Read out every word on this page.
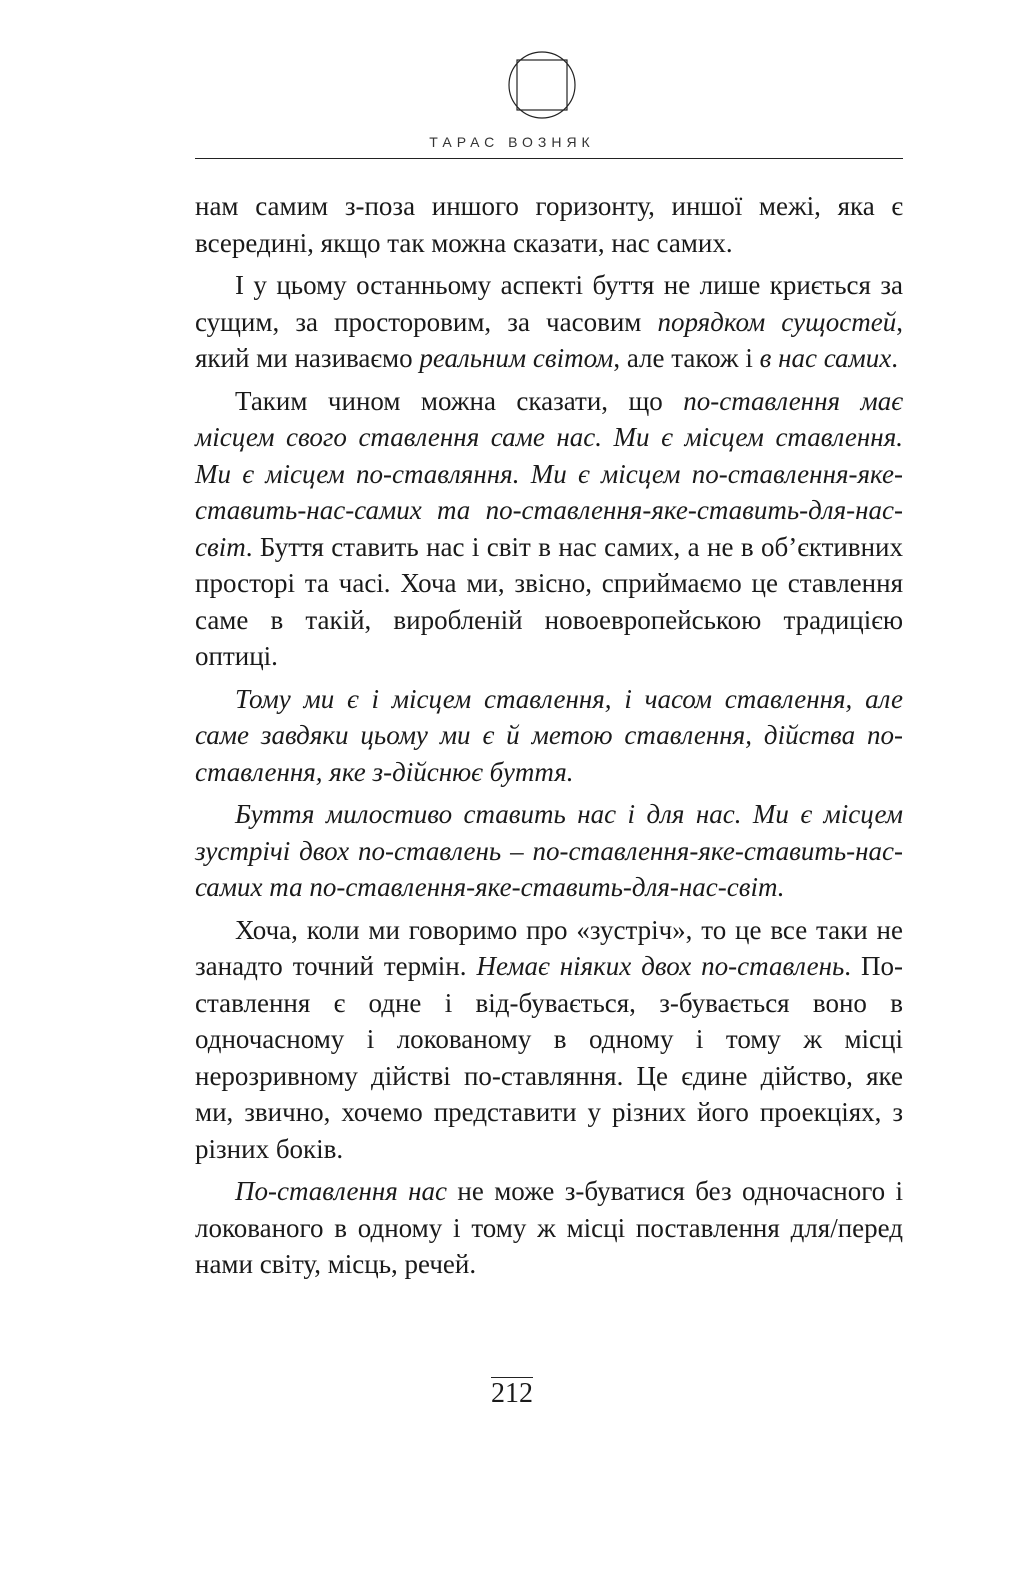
ТАРАС ВОЗНЯК

нам самим з-поза иншого горизонту, иншої межі, яка є всередині, якщо так можна сказати, нас самих.

І у цьому останньому аспекті буття не лише криється за сущим, за просторовим, за часовим порядком сущостей, який ми називаємо реальним світом, але також і в нас самих.

Таким чином можна сказати, що по-ставлення має місцем свого ставлення саме нас. Ми є місцем ставлення. Ми є місцем по-ставляння. Ми є місцем по-ставлення-яке-ставить-нас-самих та по-ставлення-яке-ставить-для-нас-світ. Буття ставить нас і світ в нас самих, а не в об’єктивних просторі та часі. Хоча ми, звісно, сприймаємо це ставлення саме в такій, виробленій новоевропейською традицією оптиці.

Тому ми є і місцем ставлення, і часом ставлення, але саме завдяки цьому ми є й метою ставлення, дійства по-ставлення, яке з-дійснює буття.

Буття милостиво ставить нас і для нас. Ми є місцем зустрічі двох по-ставлень – по-ставлення-яке-ставить-нас-самих та по-ставлення-яке-ставить-для-нас-світ.

Хоча, коли ми говоримо про «зустріч», то це все таки не занадто точний термін. Немає ніяких двох по-ставлень. По-ставлення є одне і від-бувається, з-бувається воно в одночасному і локованому в одному і тому ж місці нерозривному дійстві по-ставляння. Це єдине дійство, яке ми, звично, хочемо представити у різних його проекціях, з різних боків.

По-ставлення нас не може з-буватися без одночасного і локованого в одному і тому ж місці поставлення для/перед нами світу, місць, речей.

212
